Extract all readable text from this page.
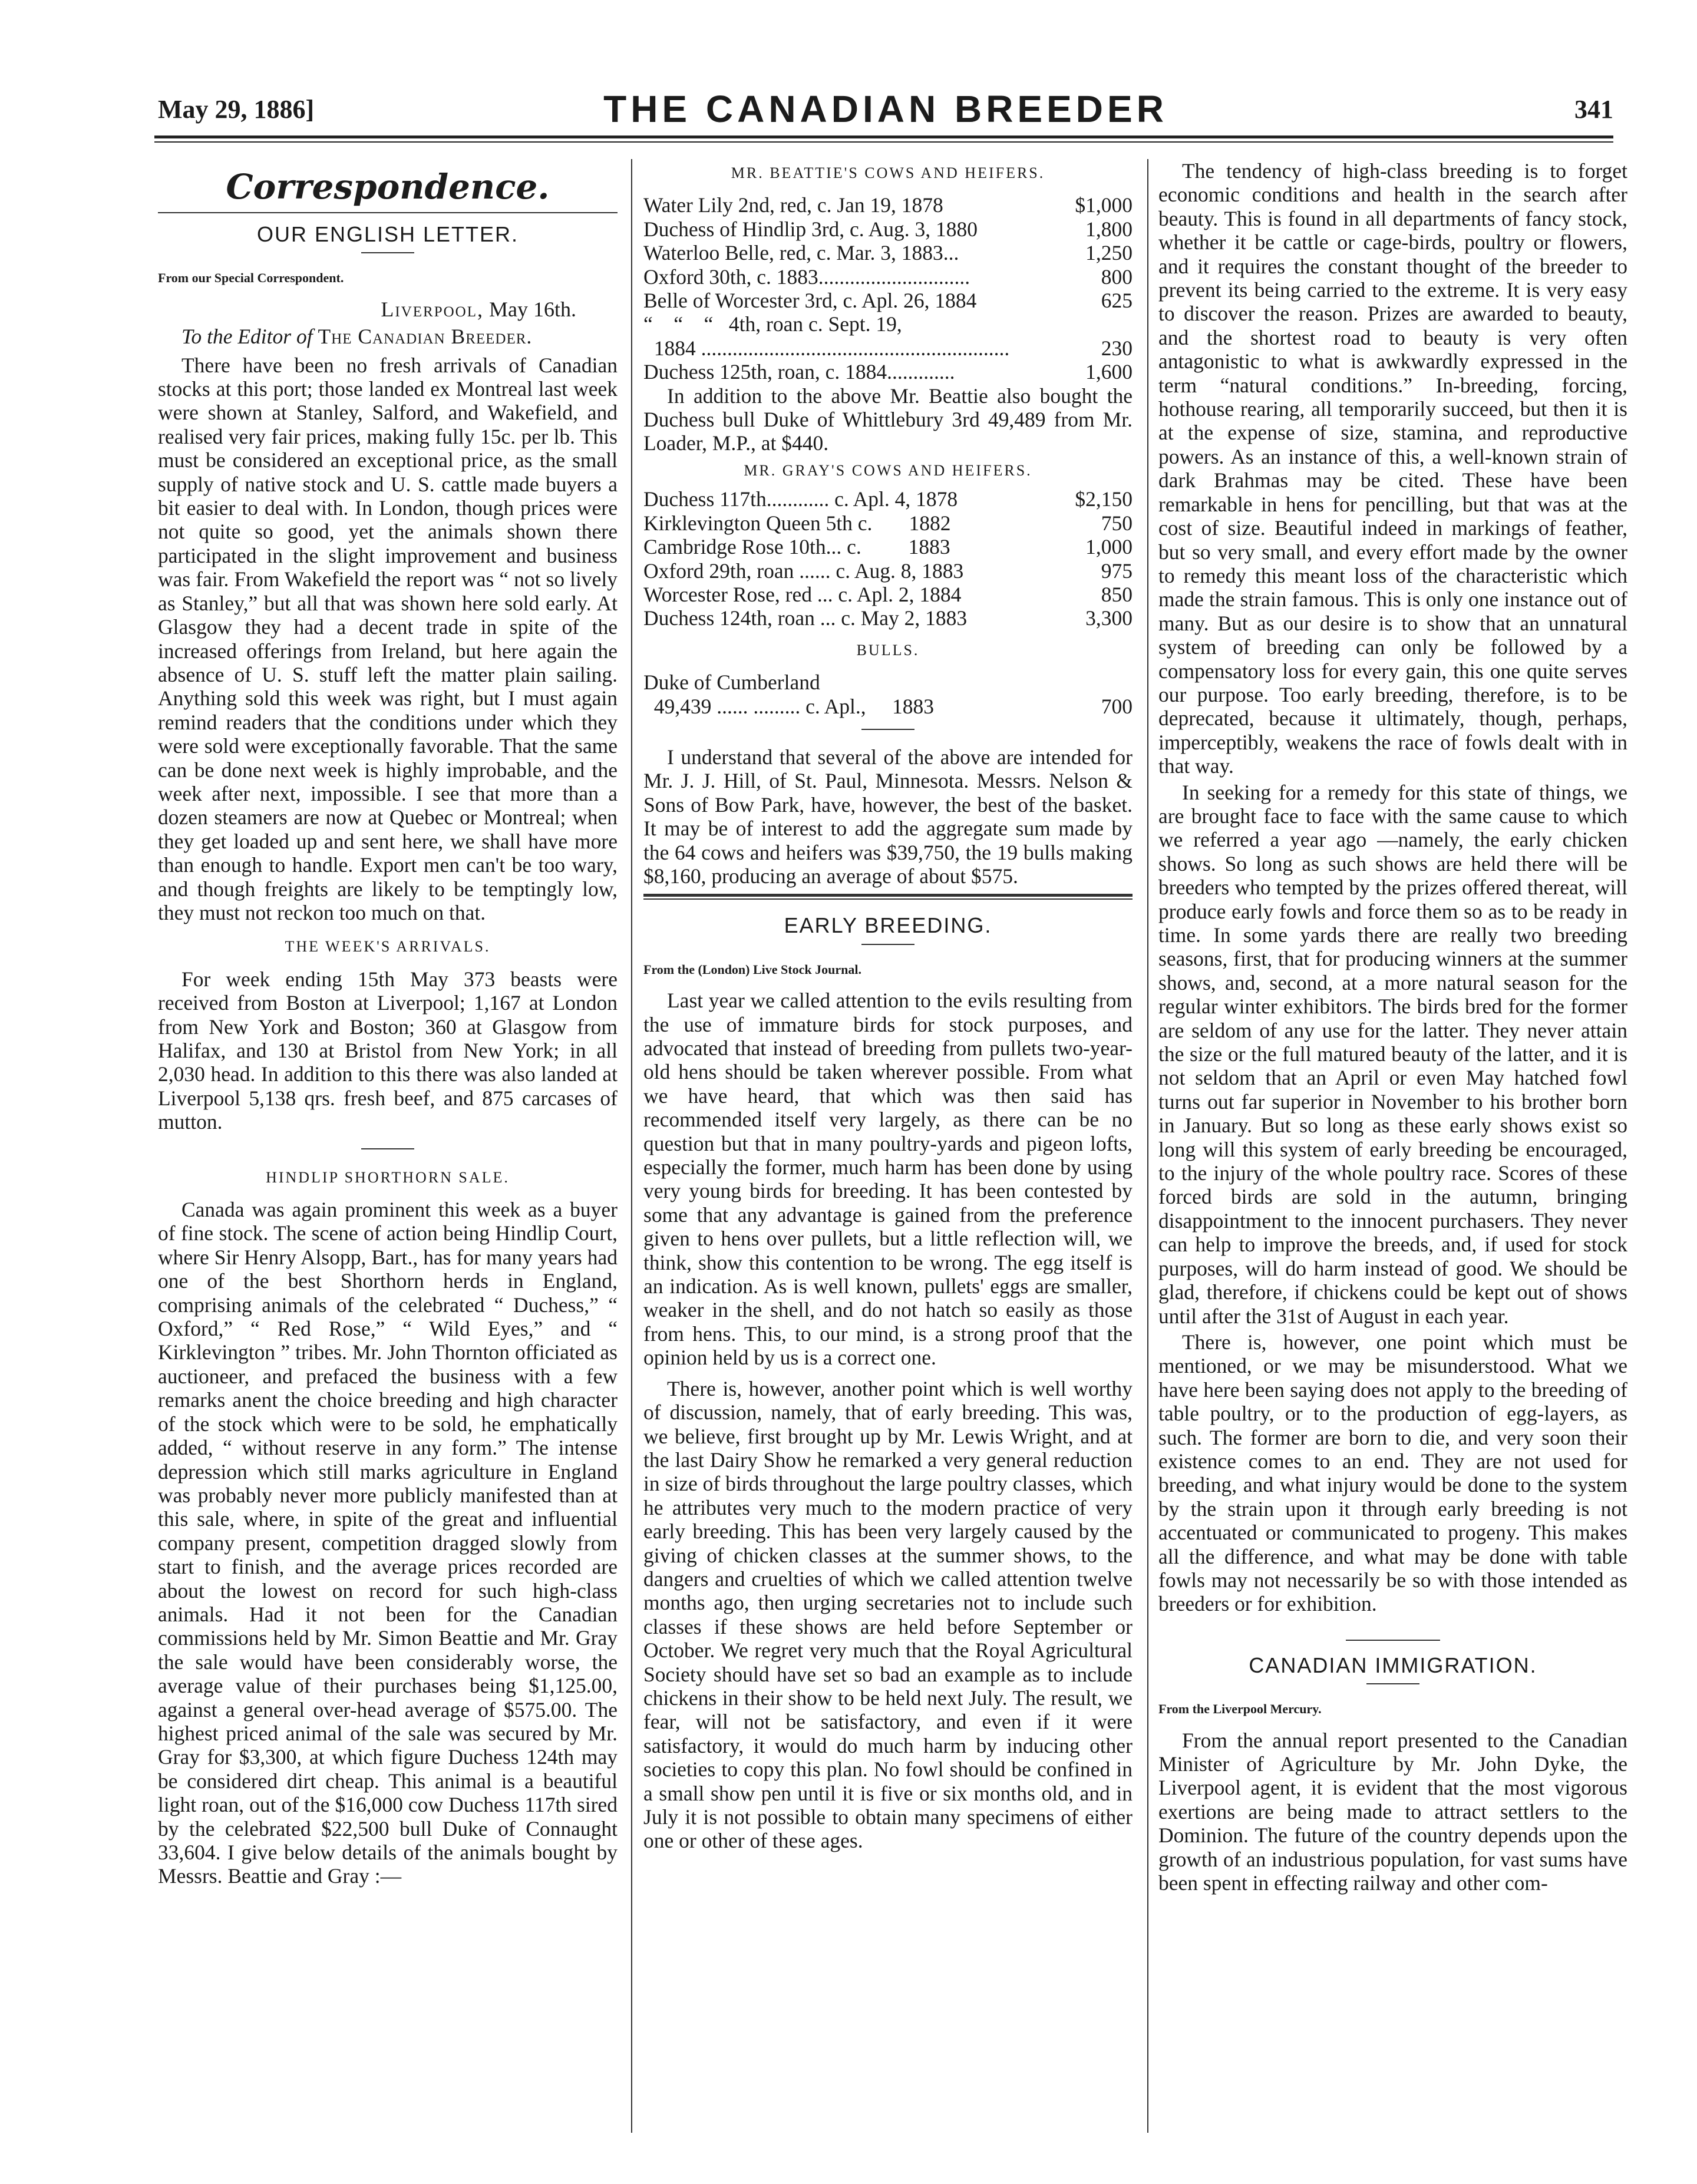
May 29, 1886]	THE CANADIAN BREEDER	341
Correspondence.
OUR ENGLISH LETTER.
From our Special Correspondent.
Liverpool, May 16th.
To the Editor of The Canadian Breeder.

There have been no fresh arrivals of Canadian stocks at this port; those landed ex Montreal last week were shown at Stanley, Salford, and Wakefield, and realised very fair prices, making fully 15c. per lb. This must be considered an exceptional price, as the small supply of native stock and U. S. cattle made buyers a bit easier to deal with. In London, though prices were not quite so good, yet the animals shown there participated in the slight improvement and business was fair. From Wakefield the report was “ not so lively as Stanley,” but all that was shown here sold early. At Glasgow they had a decent trade in spite of the increased offerings from Ireland, but here again the absence of U. S. stuff left the matter plain sailing. Anything sold this week was right, but I must again remind readers that the conditions under which they were sold were exceptionally favorable. That the same can be done next week is highly improbable, and the week after next, impossible. I see that more than a dozen steamers are now at Quebec or Montreal; when they get loaded up and sent here, we shall have more than enough to handle. Export men can't be too wary, and though freights are likely to be temptingly low, they must not reckon too much on that.

THE WEEK'S ARRIVALS.

For week ending 15th May 373 beasts were received from Boston at Liverpool; 1,167 at London from New York and Boston; 360 at Glasgow from Halifax, and 130 at Bristol from New York; in all 2,030 head. In addition to this there was also landed at Liverpool 5,138 qrs. fresh beef, and 875 carcases of mutton.

HINDLIP SHORTHORN SALE.

Canada was again prominent this week as a buyer of fine stock. The scene of action being Hindlip Court, where Sir Henry Alsopp, Bart., has for many years had one of the best Shorthorn herds in England, comprising animals of the celebrated “ Duchess,” “ Oxford,” “ Red Rose,” “ Wild Eyes,” and “ Kirklevington ” tribes. Mr. John Thornton officiated as auctioneer, and prefaced the business with a few remarks anent the choice breeding and high character of the stock which were to be sold, he emphatically added, “ without reserve in any form.” The intense depression which still marks agriculture in England was probably never more publicly manifested than at this sale, where, in spite of the great and influential company present, competition dragged slowly from start to finish, and the average prices recorded are about the lowest on record for such high-class animals. Had it not been for the Canadian commissions held by Mr. Simon Beattie and Mr. Gray the sale would have been considerably worse, the average value of their purchases being $1,125.00, against a general over-head average of $575.00. The highest priced animal of the sale was secured by Mr. Gray for $3,300, at which figure Duchess 124th may be considered dirt cheap. This animal is a beautiful light roan, out of the $16,000 cow Duchess 117th sired by the celebrated $22,500 bull Duke of Connaught 33,604. I give below details of the animals bought by Messrs. Beattie and Gray :—

MR. BEATTIE'S COWS AND HEIFERS.
Water Lily 2nd, red, c. Jan 19, 1878	$1,000
Duchess of Hindlip 3rd, c. Aug. 3, 1880	1,800
Waterloo Belle, red, c. Mar. 3, 1883...	1,250
Oxford 30th, c. 1883.............................	800
Belle of Worcester 3rd, c. Apl. 26, 1884	625
“    “    “   4th, roan c. Sept. 19,	
1884 ...........................................................	230
Duchess 125th, roan, c. 1884.............	1,600

In addition to the above Mr. Beattie also bought the Duchess bull Duke of Whittlebury 3rd 49,489 from Mr. Loader, M.P., at $440.

MR. GRAY'S COWS AND HEIFERS.
Duchess 117th............ c. Apl. 4, 1878	$2,150
Kirklevington Queen 5th c.       1882	750
Cambridge Rose 10th... c.         1883	1,000
Oxford 29th, roan ...... c. Aug. 8, 1883	975
Worcester Rose, red ... c. Apl. 2, 1884	850
Duchess 124th, roan ... c. May 2, 1883	3,300
BULLS.
Duke of Cumberland	
49,439 ...... ......... c. Apl.,     1883	700

I understand that several of the above are intended for Mr. J. J. Hill, of St. Paul, Minnesota. Messrs. Nelson & Sons of Bow Park, have, however, the best of the basket. It may be of interest to add the aggregate sum made by the 64 cows and heifers was $39,750, the 19 bulls making $8,160, producing an average of about $575.

EARLY BREEDING.
From the (London) Live Stock Journal.

Last year we called attention to the evils resulting from the use of immature birds for stock purposes, and advocated that instead of breeding from pullets two-year-old hens should be taken wherever possible. From what we have heard, that which was then said has recommended itself very largely, as there can be no question but that in many poultry-yards and pigeon lofts, especially the former, much harm has been done by using very young birds for breeding. It has been contested by some that any advantage is gained from the preference given to hens over pullets, but a little reflection will, we think, show this contention to be wrong. The egg itself is an indication. As is well known, pullets' eggs are smaller, weaker in the shell, and do not hatch so easily as those from hens. This, to our mind, is a strong proof that the opinion held by us is a correct one.

There is, however, another point which is well worthy of discussion, namely, that of early breeding. This was, we believe, first brought up by Mr. Lewis Wright, and at the last Dairy Show he remarked a very general reduction in size of birds throughout the large poultry classes, which he attributes very much to the modern practice of very early breeding. This has been very largely caused by the giving of chicken classes at the summer shows, to the dangers and cruelties of which we called attention twelve months ago, then urging secretaries not to include such classes if these shows are held before September or October. We regret very much that the Royal Agricultural Society should have set so bad an example as to include chickens in their show to be held next July. The result, we fear, will not be satisfactory, and even if it were satisfactory, it would do much harm by inducing other societies to copy this plan. No fowl should be confined in a small show pen until it is five or six months old, and in July it is not possible to obtain many specimens of either one or other of these ages.

The tendency of high-class breeding is to forget economic conditions and health in the search after beauty. This is found in all departments of fancy stock, whether it be cattle or cage-birds, poultry or flowers, and it requires the constant thought of the breeder to prevent its being carried to the extreme. It is very easy to discover the reason. Prizes are awarded to beauty, and the shortest road to beauty is very often antagonistic to what is awkwardly expressed in the term “natural conditions.” In-breeding, forcing, hothouse rearing, all temporarily succeed, but then it is at the expense of size, stamina, and reproductive powers. As an instance of this, a well-known strain of dark Brahmas may be cited. These have been remarkable in hens for pencilling, but that was at the cost of size. Beautiful indeed in markings of feather, but so very small, and every effort made by the owner to remedy this meant loss of the characteristic which made the strain famous. This is only one instance out of many. But as our desire is to show that an unnatural system of breeding can only be followed by a compensatory loss for every gain, this one quite serves our purpose. Too early breeding, therefore, is to be deprecated, because it ultimately, though, perhaps, imperceptibly, weakens the race of fowls dealt with in that way.

In seeking for a remedy for this state of things, we are brought face to face with the same cause to which we referred a year ago —namely, the early chicken shows. So long as such shows are held there will be breeders who tempted by the prizes offered thereat, will produce early fowls and force them so as to be ready in time. In some yards there are really two breeding seasons, first, that for producing winners at the summer shows, and, second, at a more natural season for the regular winter exhibitors. The birds bred for the former are seldom of any use for the latter. They never attain the size or the full matured beauty of the latter, and it is not seldom that an April or even May hatched fowl turns out far superior in November to his brother born in January. But so long as these early shows exist so long will this system of early breeding be encouraged, to the injury of the whole poultry race. Scores of these forced birds are sold in the autumn, bringing disappointment to the innocent purchasers. They never can help to improve the breeds, and, if used for stock purposes, will do harm instead of good. We should be glad, therefore, if chickens could be kept out of shows until after the 31st of August in each year.

There is, however, one point which must be mentioned, or we may be misunderstood. What we have here been saying does not apply to the breeding of table poultry, or to the production of egg-layers, as such. The former are born to die, and very soon their existence comes to an end. They are not used for breeding, and what injury would be done to the system by the strain upon it through early breeding is not accentuated or communicated to progeny. This makes all the difference, and what may be done with table fowls may not necessarily be so with those intended as breeders or for exhibition.

CANADIAN IMMIGRATION.
From the Liverpool Mercury.

From the annual report presented to the Canadian Minister of Agriculture by Mr. John Dyke, the Liverpool agent, it is evident that the most vigorous exertions are being made to attract settlers to the Dominion. The future of the country depends upon the growth of an industrious population, for vast sums have been spent in effecting railway and other com-
